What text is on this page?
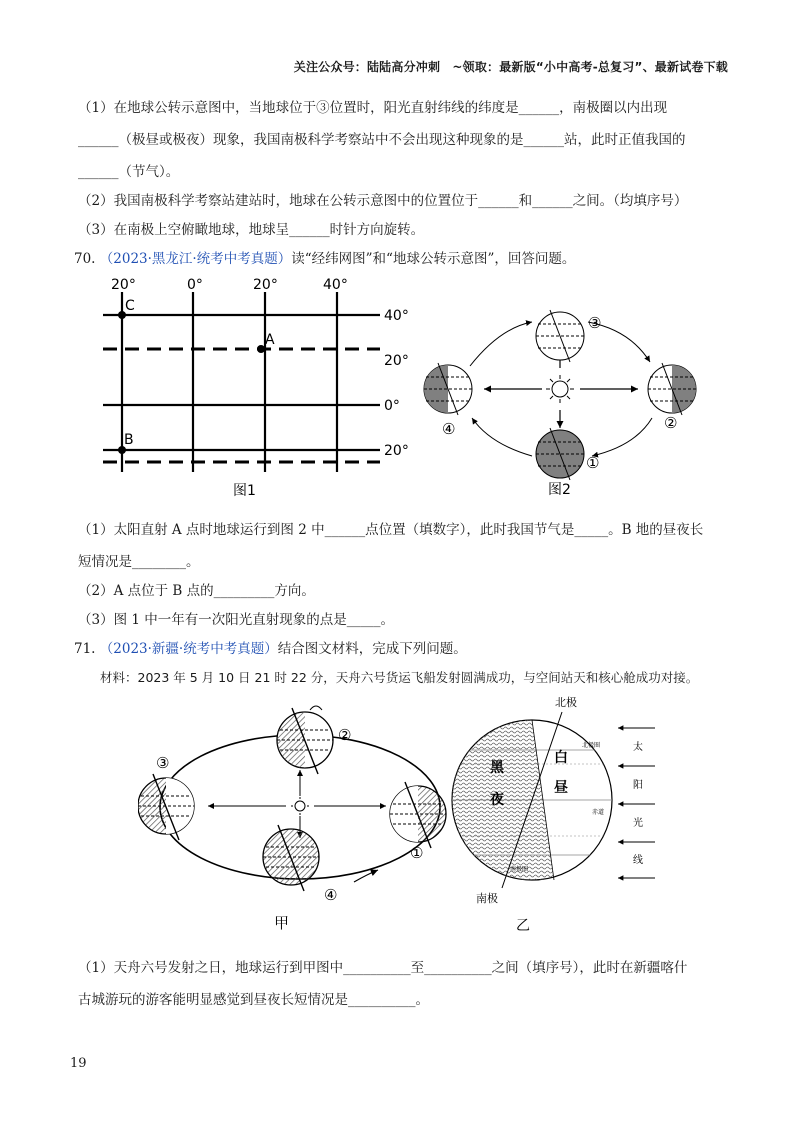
关注公众号：陆陆高分冲刺　~领取：最新版“小中高考-总复习”、最新试卷下载
（1）在地球公转示意图中，当地球位于③位置时，阳光直射纬线的纬度是______，南极圈以内出现
______（极昼或极夜）现象，我国南极科学考察站中不会出现这种现象的是______站，此时正值我国的
______（节气）。
（2）我国南极科学考察站建站时，地球在公转示意图中的位置位于______和______之间。（均填序号）
（3）在南极上空俯瞰地球，地球呈______时针方向旋转。
70. （2023·黑龙江·统考中考真题）读“经纬网图”和“地球公转示意图”，回答问题。
20°	0°	20°	40°
40°
20°
0°
20°
C
A
B
图1
③
④	②
①
图2
（1）太阳直射 A 点时地球运行到图 2 中______点位置（填数字），此时我国节气是_____。B 地的昼夜长
短情况是________。
（2）A 点位于 B 点的_________方向。
（3）图 1 中一年有一次阳光直射现象的点是_____。
71. （2023·新疆·统考中考真题）结合图文材料，完成下列问题。
材料：2023 年 5 月 10 日 21 时 22 分，天舟六号货运飞船发射圆满成功，与空间站天和核心舱成功对接。
②
③
①
④
甲
北极
南极
黑
夜
白
昼
北极圈
赤道
南极圈
太
阳
光
线
乙
（1）天舟六号发射之日，地球运行到甲图中__________至__________之间（填序号），此时在新疆喀什
古城游玩的游客能明显感觉到昼夜长短情况是__________。
19
